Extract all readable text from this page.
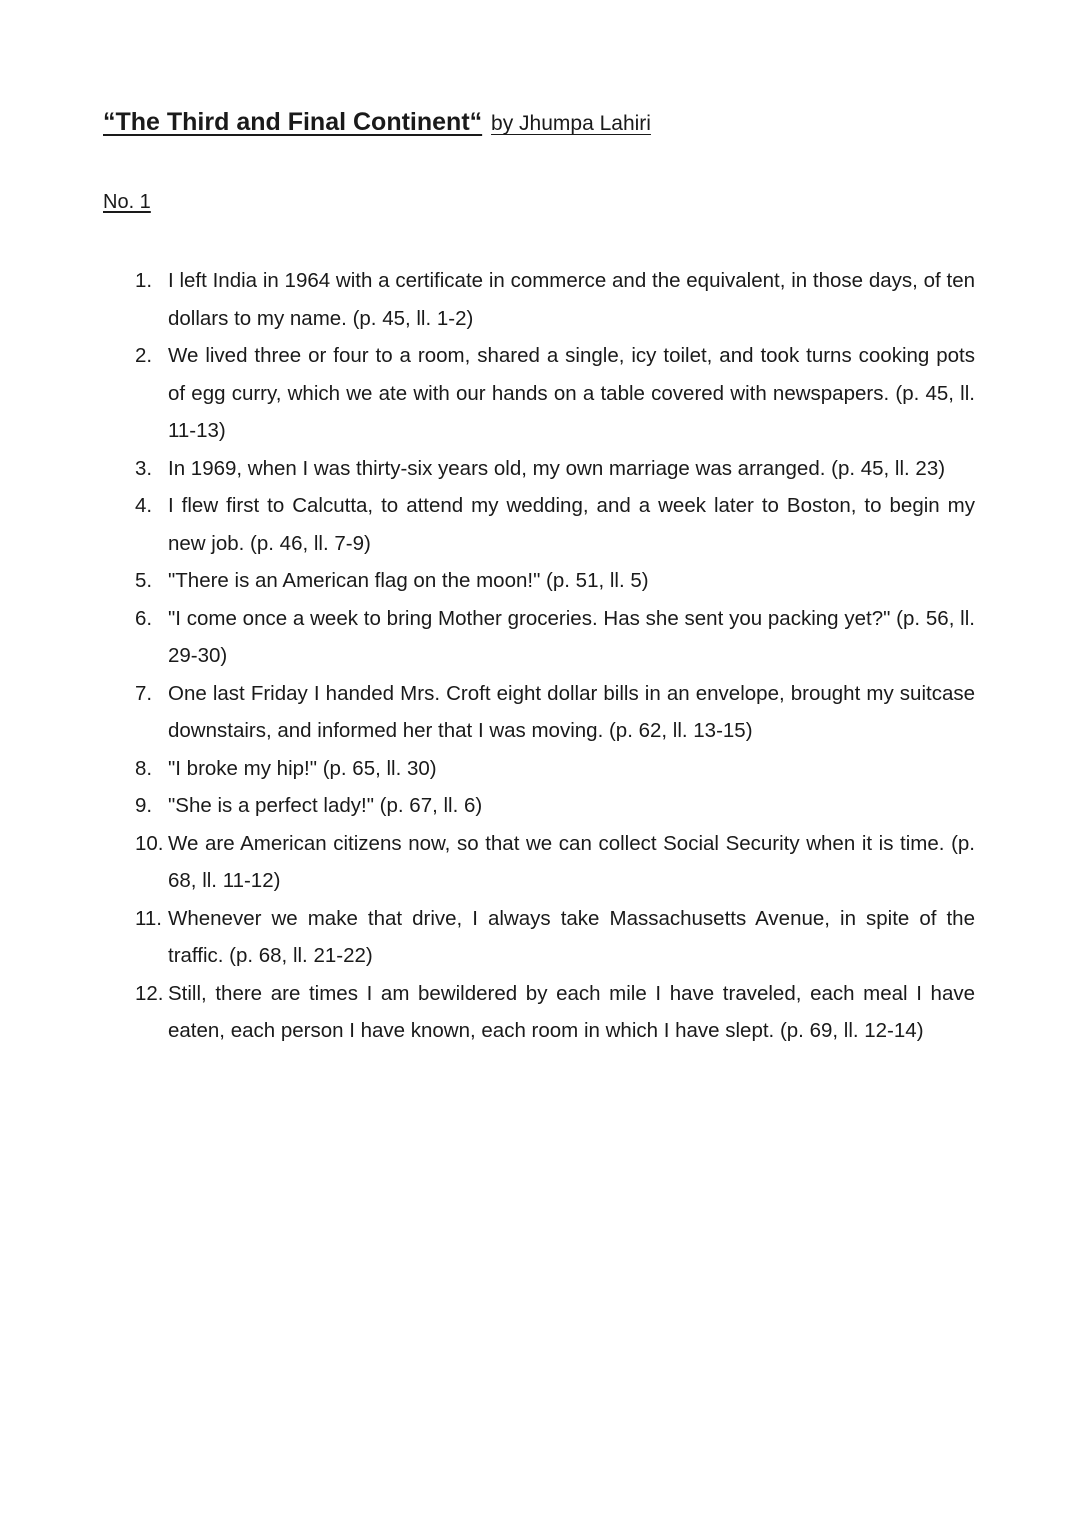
“The Third and Final Continent“ by Jhumpa Lahiri

No. 1

1. I left India in 1964 with a certificate in commerce and the equivalent, in those days, of ten dollars to my name. (p. 45, ll. 1-2)
2. We lived three or four to a room, shared a single, icy toilet, and took turns cooking pots of egg curry, which we ate with our hands on a table covered with newspapers. (p. 45, ll. 11-13)
3. In 1969, when I was thirty-six years old, my own marriage was arranged. (p. 45, ll. 23)
4. I flew first to Calcutta, to attend my wedding, and a week later to Boston, to begin my new job. (p. 46, ll. 7-9)
5. "There is an American flag on the moon!" (p. 51, ll. 5)
6. "I come once a week to bring Mother groceries. Has she sent you packing yet?" (p. 56, ll. 29-30)
7. One last Friday I handed Mrs. Croft eight dollar bills in an envelope, brought my suitcase downstairs, and informed her that I was moving. (p. 62, ll. 13-15)
8. "I broke my hip!" (p. 65, ll. 30)
9. "She is a perfect lady!" (p. 67, ll. 6)
10. We are American citizens now, so that we can collect Social Security when it is time. (p. 68, ll. 11-12)
11. Whenever we make that drive, I always take Massachusetts Avenue, in spite of the traffic. (p. 68, ll. 21-22)
12. Still, there are times I am bewildered by each mile I have traveled, each meal I have eaten, each person I have known, each room in which I have slept. (p. 69, ll. 12-14)
